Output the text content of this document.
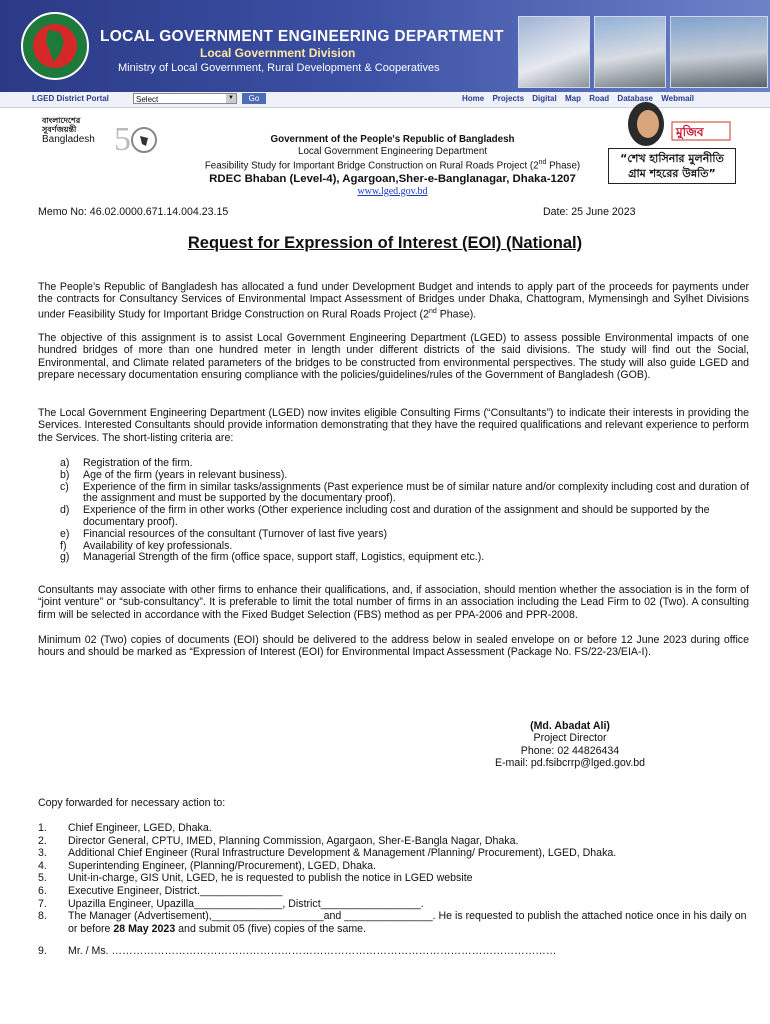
LOCAL GOVERNMENT ENGINEERING DEPARTMENT
Local Government Division
Ministry of Local Government, Rural Development & Cooperatives
LGED District Portal	Select	▼	Go	Home Projects Digital Map Road Database Webmail
বাংলাদেশের
সুবর্ণজয়ন্তী
Bangladesh 5	Government of the People's Republic of Bangladesh
Local Government Engineering Department
Feasibility Study for Important Bridge Construction on Rural Roads Project (2nd Phase)
RDEC Bhaban (Level-4), Agargoan,Sher-e-Banglanagar, Dhaka-1207
www.lged.gov.bd
মুজিব
“শেখ হাসিনার মুলনীতি
গ্রাম শহরের উন্নতি”
Memo No: 46.02.0000.671.14.004.23.15	Date: 25 June 2023
Request for Expression of Interest (EOI) (National)

The People’s Republic of Bangladesh has allocated a fund under Development Budget and intends to apply part of the proceeds for payments under the contracts for Consultancy Services of Environmental Impact Assessment of Bridges under Dhaka, Chattogram, Mymensingh and Sylhet Divisions under Feasibility Study for Important Bridge Construction on Rural Roads Project (2nd Phase).

The objective of this assignment is to assist Local Government Engineering Department (LGED) to assess possible Environmental impacts of one hundred bridges of more than one hundred meter in length under different districts of the said divisions. The study will find out the Social, Environmental, and Climate related parameters of the bridges to be constructed from environmental perspectives. The study will also guide LGED and prepare necessary documentation ensuring compliance with the policies/guidelines/rules of the Government of Bangladesh (GOB).

The Local Government Engineering Department (LGED) now invites eligible Consulting Firms (“Consultants”) to indicate their interests in providing the Services. Interested Consultants should provide information demonstrating that they have the required qualifications and relevant experience to perform the Services. The short-listing criteria are:

a) Registration of the firm.
b) Age of the firm (years in relevant business).
c) Experience of the firm in similar tasks/assignments (Past experience must be of similar nature and/or complexity including cost and duration of the assignment and must be supported by the documentary proof).
d) Experience of the firm in other works (Other experience including cost and duration of the assignment and should be supported by the documentary proof).
e) Financial resources of the consultant (Turnover of last five years)
f) Availability of key professionals.
g) Managerial Strength of the firm (office space, support staff, Logistics, equipment etc.).

Consultants may associate with other firms to enhance their qualifications, and, if association, should mention whether the association is in the form of “joint venture” or “sub-consultancy”. It is preferable to limit the total number of firms in an association including the Lead Firm to 02 (Two). A consulting firm will be selected in accordance with the Fixed Budget Selection (FBS) method as per PPA-2006 and PPR-2008.

Minimum 02 (Two) copies of documents (EOI) should be delivered to the address below in sealed envelope on or before 12 June 2023 during office hours and should be marked as “Expression of Interest (EOI) for Environmental Impact Assessment (Package No. FS/22-23/EIA-I).

(Md. Abadat Ali)
Project Director
Phone: 02 44826434
E-mail: pd.fsibcrrp@lged.gov.bd
Copy forwarded for necessary action to:
1. Chief Engineer, LGED, Dhaka.
2. Director General, CPTU, IMED, Planning Commission, Agargaon, Sher-E-Bangla Nagar, Dhaka.
3. Additional Chief Engineer (Rural Infrastructure Development & Management /Planning/ Procurement), LGED, Dhaka.
4. Superintending Engineer, (Planning/Procurement), LGED, Dhaka.
5. Unit-in-charge, GIS Unit, LGED, he is requested to publish the notice in LGED website
6. Executive Engineer, District.______________
7. Upazilla Engineer, Upazilla_______________, District_________________.
8. The Manager (Advertisement),___________________and _______________. He is requested to publish the attached notice once in his daily on or before 28 May 2023 and submit 05 (five) copies of the same.
9. Mr. / Ms. ………………………………………………………………………………………………………………
